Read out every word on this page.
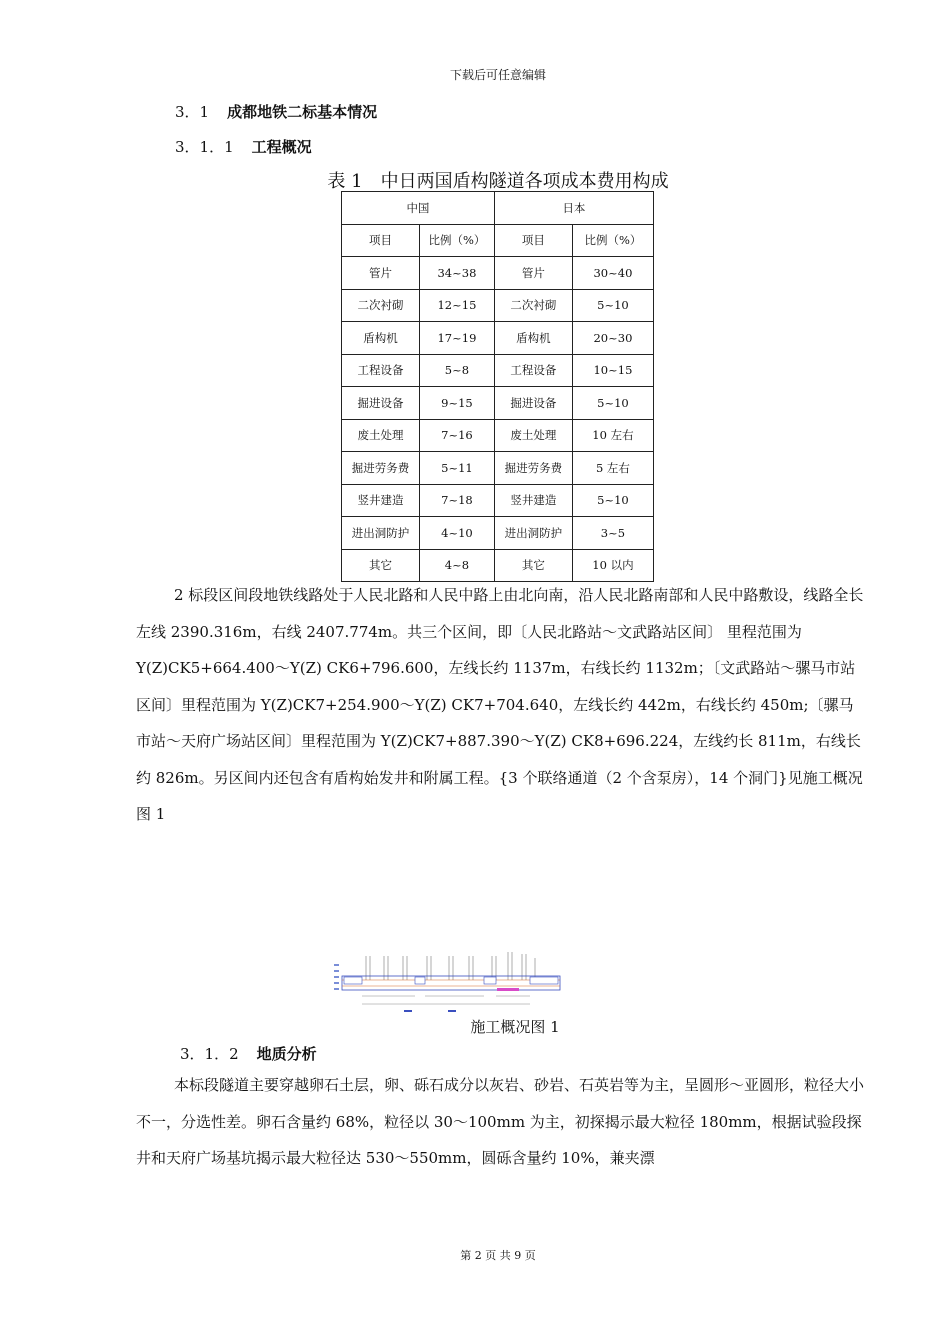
下载后可任意编辑
3．1 成都地铁二标基本情况
3．1．1 工程概况
表 1　中日两国盾构隧道各项成本费用构成
中国		日本	
项目	比例（%）	项目	比例（%）
管片	34~38	管片	30~40
二次衬砌	12~15	二次衬砌	5~10
盾构机	17~19	盾构机	20~30
工程设备	5~8	工程设备	10~15
掘进设备	9~15	掘进设备	5~10
废土处理	7~16	废土处理	10 左右
掘进劳务费	5~11	掘进劳务费	5 左右
竖井建造	7~18	竖井建造	5~10
进出洞防护	4~10	进出洞防护	3~5
其它	4~8	其它	10 以内
2 标段区间段地铁线路处于人民北路和人民中路上由北向南，沿人民北路南部和人民中路敷设，线路全长左线 2390.316m，右线 2407.774m。共三个区间，即〔人民北路站～文武路站区间〕 里程范围为 Y(Z)CK5+664.400～Y(Z) CK6+796.600，左线长约 1137m，右线长约 1132m；〔文武路站～骡马市站区间〕里程范围为 Y(Z)CK7+254.900～Y(Z) CK7+704.640，左线长约 442m，右线长约 450m;〔骡马市站～天府广场站区间〕里程范围为 Y(Z)CK7+887.390～Y(Z) CK8+696.224，左线约长 811m，右线长约 826m。另区间内还包含有盾构始发井和附属工程。{3 个联络通道（2 个含泵房），14 个洞门}见施工概况图 1
施工概况图 1
3．1．2 地质分析
本标段隧道主要穿越卵石土层，卵、砾石成分以灰岩、砂岩、石英岩等为主，呈圆形～亚圆形，粒径大小不一，分选性差。卵石含量约 68%，粒径以 30～100mm 为主，初探揭示最大粒径 180mm，根据试验段探井和天府广场基坑揭示最大粒径达 530～550mm，圆砾含量约 10%，兼夹漂
第 2 页 共 9 页
